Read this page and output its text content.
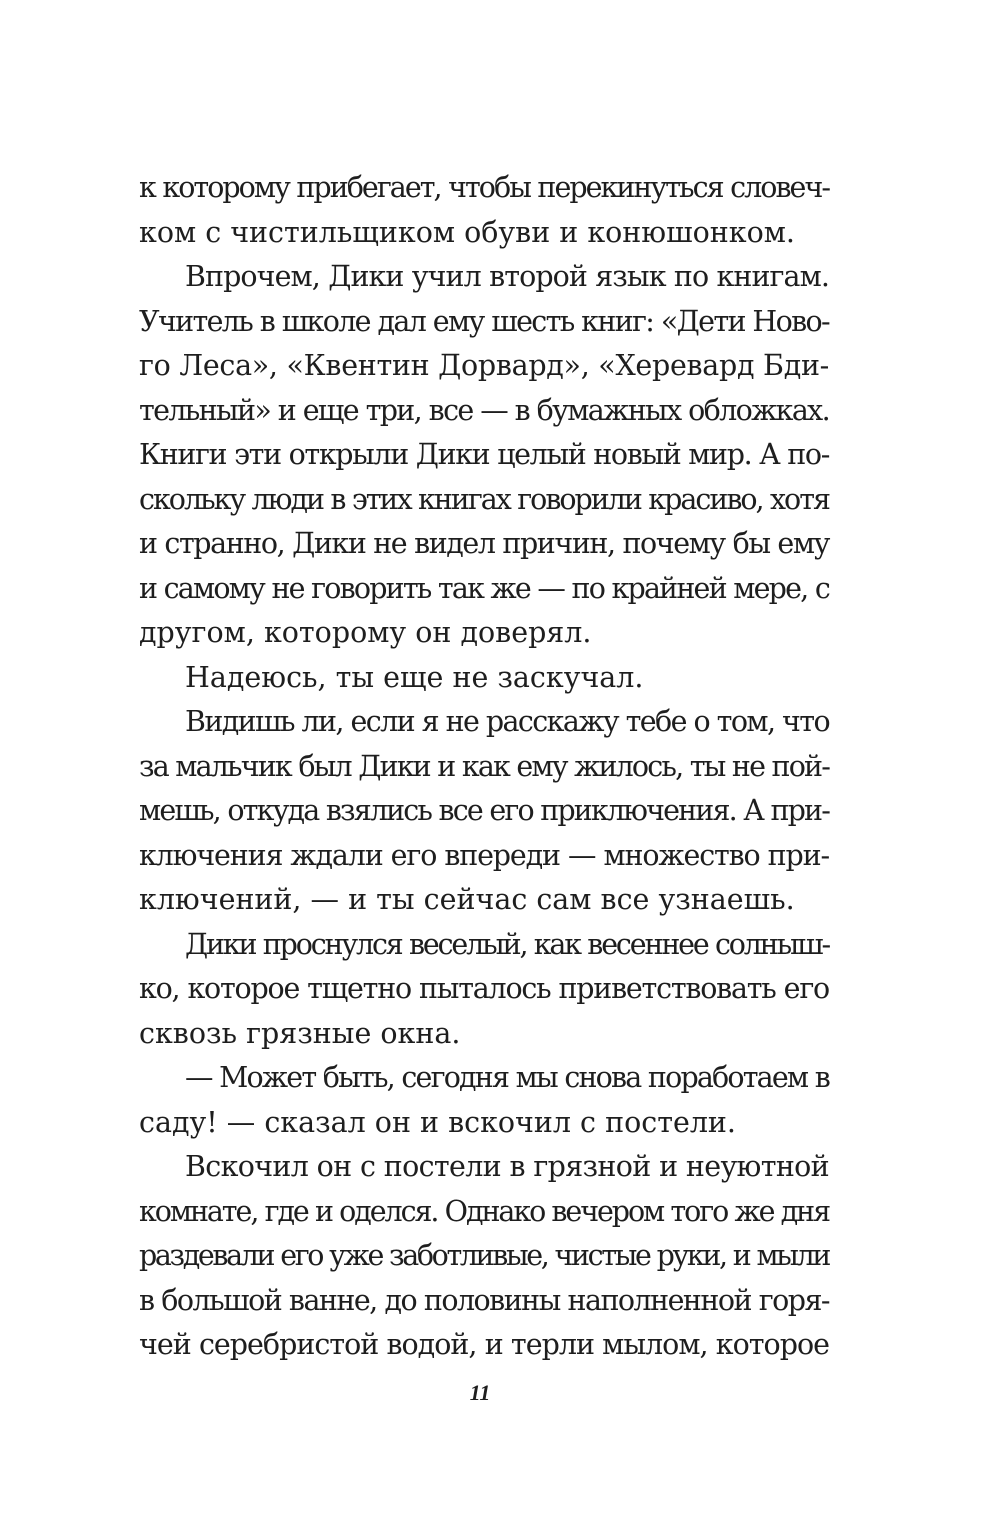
к которому прибегает, чтобы перекинуться словеч-
ком с чистильщиком обуви и конюшонком.
Впрочем, Дики учил второй язык по книгам.
Учитель в школе дал ему шесть книг: «Дети Ново-
го Леса», «Квентин Дорвард», «Херевард Бди-
тельный» и еще три, все — в бумажных обложках.
Книги эти открыли Дики целый новый мир. А по-
скольку люди в этих книгах говорили красиво, хотя
и странно, Дики не видел причин, почему бы ему
и самому не говорить так же — по крайней мере, с
другом, которому он доверял.
Надеюсь, ты еще не заскучал.
Видишь ли, если я не расскажу тебе о том, что
за мальчик был Дики и как ему жилось, ты не пой-
мешь, откуда взялись все его приключения. А при-
ключения ждали его впереди — множество при-
ключений, — и ты сейчас сам все узнаешь.
Дики проснулся веселый, как весеннее солныш-
ко, которое тщетно пыталось приветствовать его
сквозь грязные окна.
— Может быть, сегодня мы снова поработаем в
саду! — сказал он и вскочил с постели.
Вскочил он с постели в грязной и неуютной
комнате, где и оделся. Однако вечером того же дня
раздевали его уже заботливые, чистые руки, и мыли
в большой ванне, до половины наполненной горя-
чей серебристой водой, и терли мылом, которое
11
